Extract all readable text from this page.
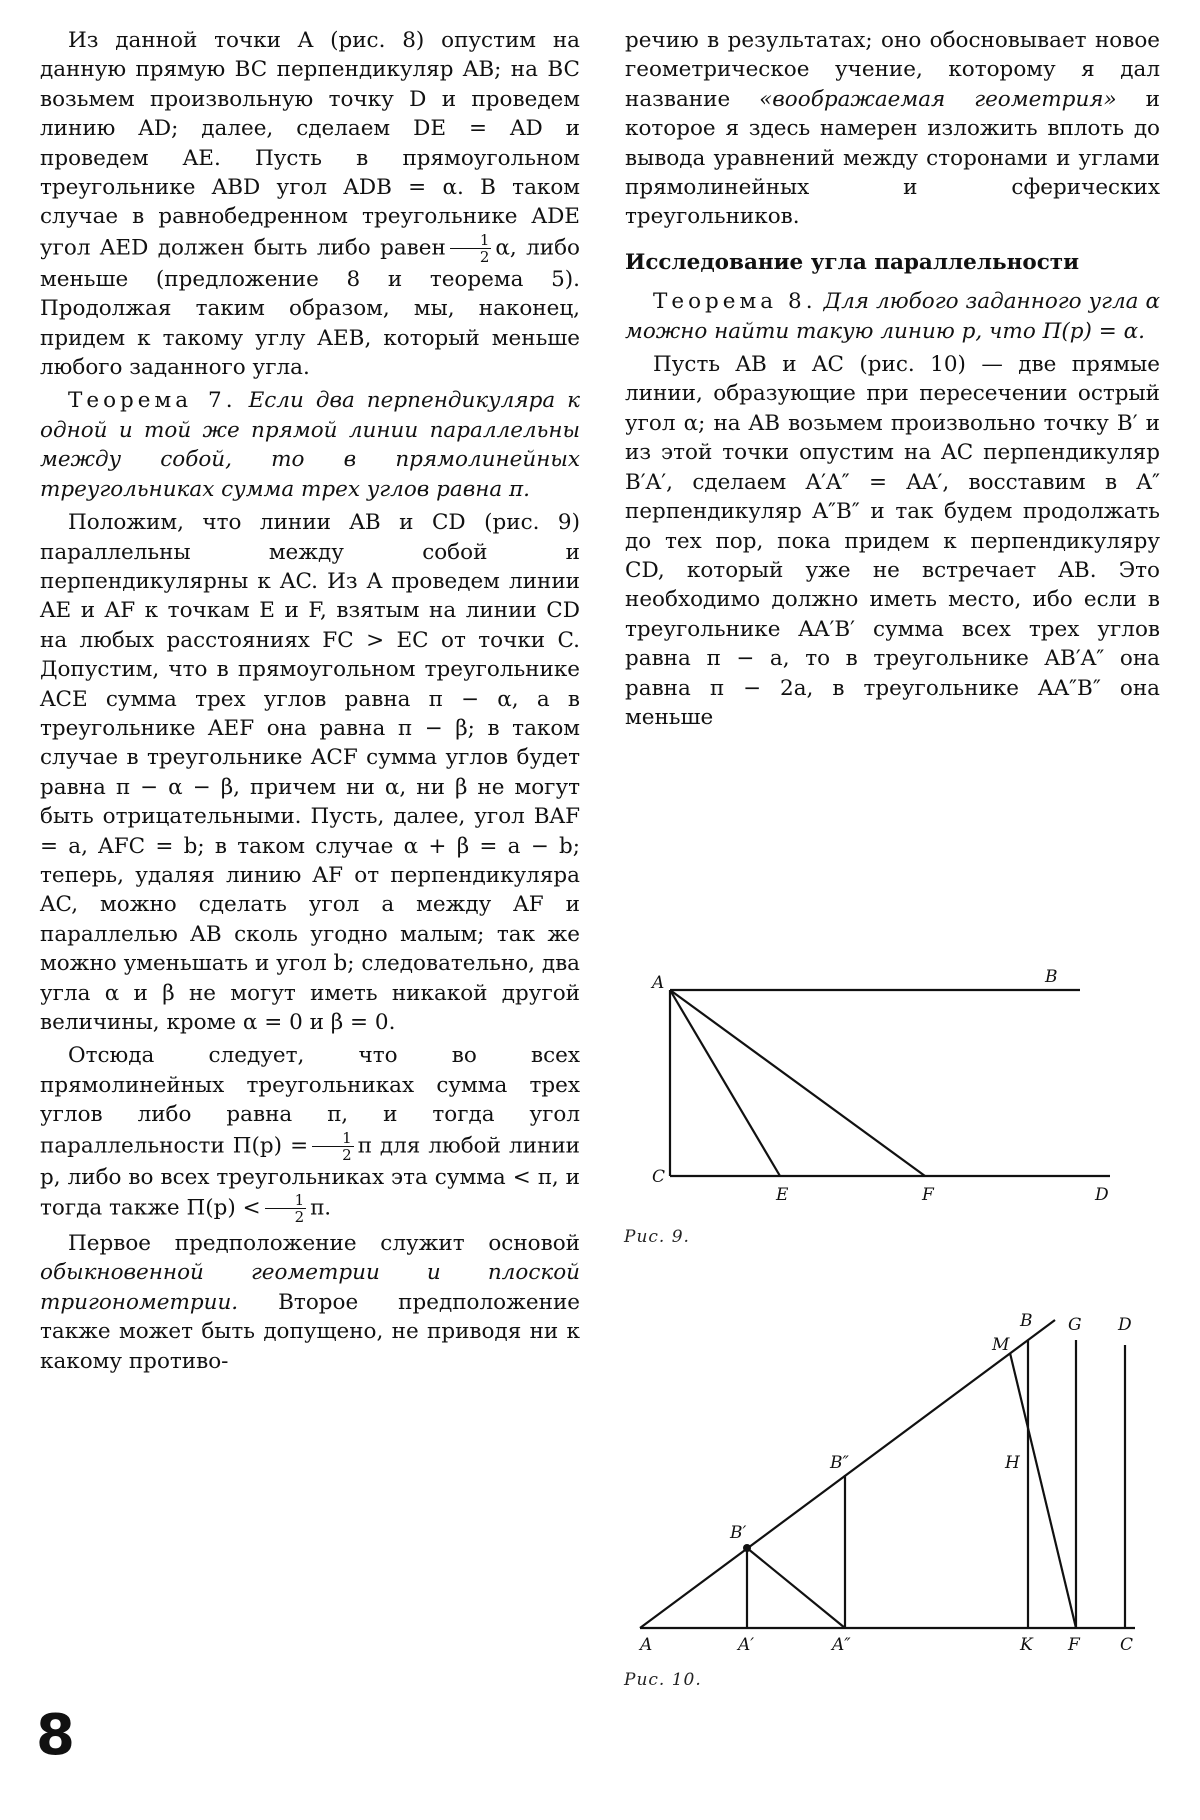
Из данной точки A (рис. 8) опустим на данную прямую BC перпендикуляр AB; на BC возьмем произвольную точку D и проведем линию AD; далее, сделаем DE = AD и проведем AE. Пусть в прямоугольном треугольнике ABD угол ADB = α. В таком случае в равнобедренном треугольнике ADE угол AED должен быть либо равен $\frac{1}{2} \alpha$, либо меньше (предложение 8 и теорема 5). Продолжая таким образом, мы, наконец, придем к такому углу AEB, который меньше любого заданного угла.

Теорема 7. Если два перпендикуляра к одной и той же прямой линии параллельны между собой, то в прямолинейных треугольниках сумма трех углов равна π.

Положим, что линии AB и CD (рис. 9) параллельны между собой и перпендикулярны к AC. Из A проведем линии AE и AF к точкам E и F, взятым на линии CD на любых расстояниях FC > EC от точки C. Допустим, что в прямоугольном треугольнике ACE сумма трех углов равна π − α, а в треугольнике AEF она равна π − β; в таком случае в треугольнике ACF сумма углов будет равна π − α − β, причем ни α, ни β не могут быть отрицательными. Пусть, далее, угол BAF = a, AFC = b; в таком случае α + β = a − b; теперь, удаляя линию AF от перпендикуляра AC, можно сделать угол a между AF и параллелью AB сколь угодно малым; так же можно уменьшать и угол b; следовательно, два угла α и β не могут иметь никакой другой величины, кроме α = 0 и β = 0.

Отсюда следует, что во всех прямолинейных треугольниках сумма трех углов либо равна π, и тогда угол параллельности $\Pi(p) = \frac{1}{2}$ π для любой линии p, либо во всех треугольниках эта сумма < π, и тогда также $\Pi(p) < \frac{1}{2} \pi$.

Первое предположение служит основой обыкновенной геометрии и плоской тригонометрии. Второе предположение также может быть допущено, не приводя ни к какому противо-

речию в результатах; оно обосновывает новое геометрическое учение, которому я дал название «воображаемая геометрия» и которое я здесь намерен изложить вплоть до вывода уравнений между сторонами и углами прямолинейных и сферических треугольников.

Исследование угла параллельности

Теорема 8. Для любого заданного угла α можно найти такую линию p, что Π(p) = α.

Пусть AB и AC (рис. 10) — две прямые линии, образующие при пересечении острый угол α; на AB возьмем произвольно точку B′ и из этой точки опустим на AC перпендикуляр B′A′, сделаем A′A″ = AA′, восставим в A″ перпендикуляр A″B″ и так будем продолжать до тех пор, пока придем к перпендикуляру CD, который уже не встречает AB. Это необходимо должно иметь место, ибо если в треугольнике AA′B′ сумма всех трех углов равна π − a, то в треугольнике AB′A″ она равна π − 2a, в треугольнике AA″B″ она меньше

A	B
C
E	F	D
Рис. 9.
A	A′	A″	K F C
B′
B″
M
B G D
H
Рис. 10.
8
